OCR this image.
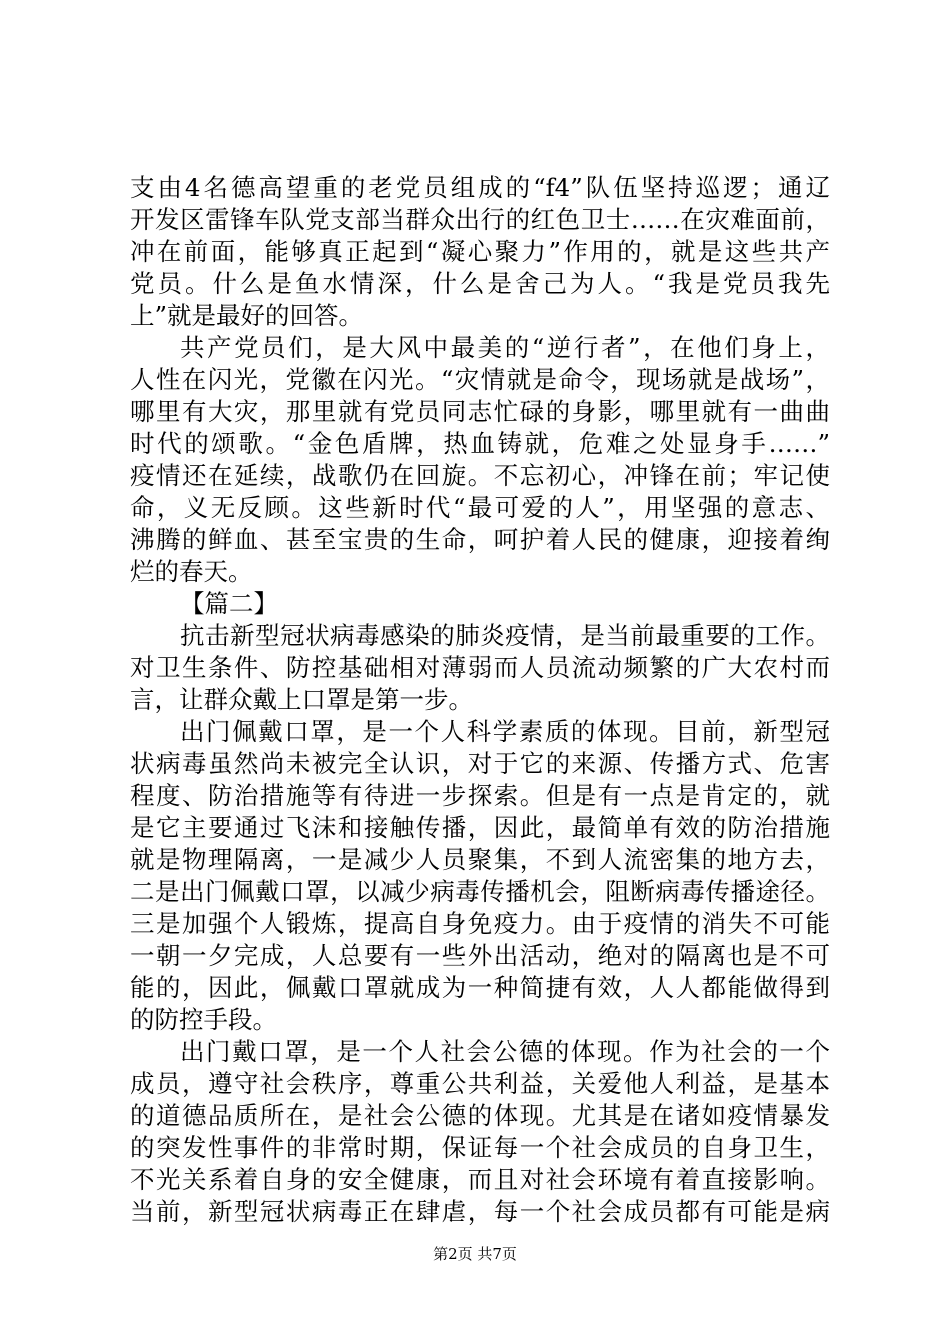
支由4名德高望重的老党员组成的“f4”队伍坚持巡逻；通辽
开发区雷锋车队党支部当群众出行的红色卫士……在灾难面前，
冲在前面，能够真正起到“凝心聚力”作用的，就是这些共产
党员。什么是鱼水情深，什么是舍己为人。“我是党员我先
上”就是最好的回答。
共产党员们，是大风中最美的“逆行者”，在他们身上，
人性在闪光，党徽在闪光。“灾情就是命令，现场就是战场”，
哪里有大灾，那里就有党员同志忙碌的身影，哪里就有一曲曲
时代的颂歌。“金色盾牌，热血铸就，危难之处显身手……”
疫情还在延续，战歌仍在回旋。不忘初心，冲锋在前；牢记使
命，义无反顾。这些新时代“最可爱的人”，用坚强的意志、
沸腾的鲜血、甚至宝贵的生命，呵护着人民的健康，迎接着绚
烂的春天。
【篇二】
抗击新型冠状病毒感染的肺炎疫情，是当前最重要的工作。
对卫生条件、防控基础相对薄弱而人员流动频繁的广大农村而
言，让群众戴上口罩是第一步。
出门佩戴口罩，是一个人科学素质的体现。目前，新型冠
状病毒虽然尚未被完全认识，对于它的来源、传播方式、危害
程度、防治措施等有待进一步探索。但是有一点是肯定的，就
是它主要通过飞沫和接触传播，因此，最简单有效的防治措施
就是物理隔离，一是减少人员聚集，不到人流密集的地方去，
二是出门佩戴口罩，以减少病毒传播机会，阻断病毒传播途径。
三是加强个人锻炼，提高自身免疫力。由于疫情的消失不可能
一朝一夕完成，人总要有一些外出活动，绝对的隔离也是不可
能的，因此，佩戴口罩就成为一种简捷有效，人人都能做得到
的防控手段。
出门戴口罩，是一个人社会公德的体现。作为社会的一个
成员，遵守社会秩序，尊重公共利益，关爱他人利益，是基本
的道德品质所在，是社会公德的体现。尤其是在诸如疫情暴发
的突发性事件的非常时期，保证每一个社会成员的自身卫生，
不光关系着自身的安全健康，而且对社会环境有着直接影响。
当前，新型冠状病毒正在肆虐，每一个社会成员都有可能是病
第2页 共7页
